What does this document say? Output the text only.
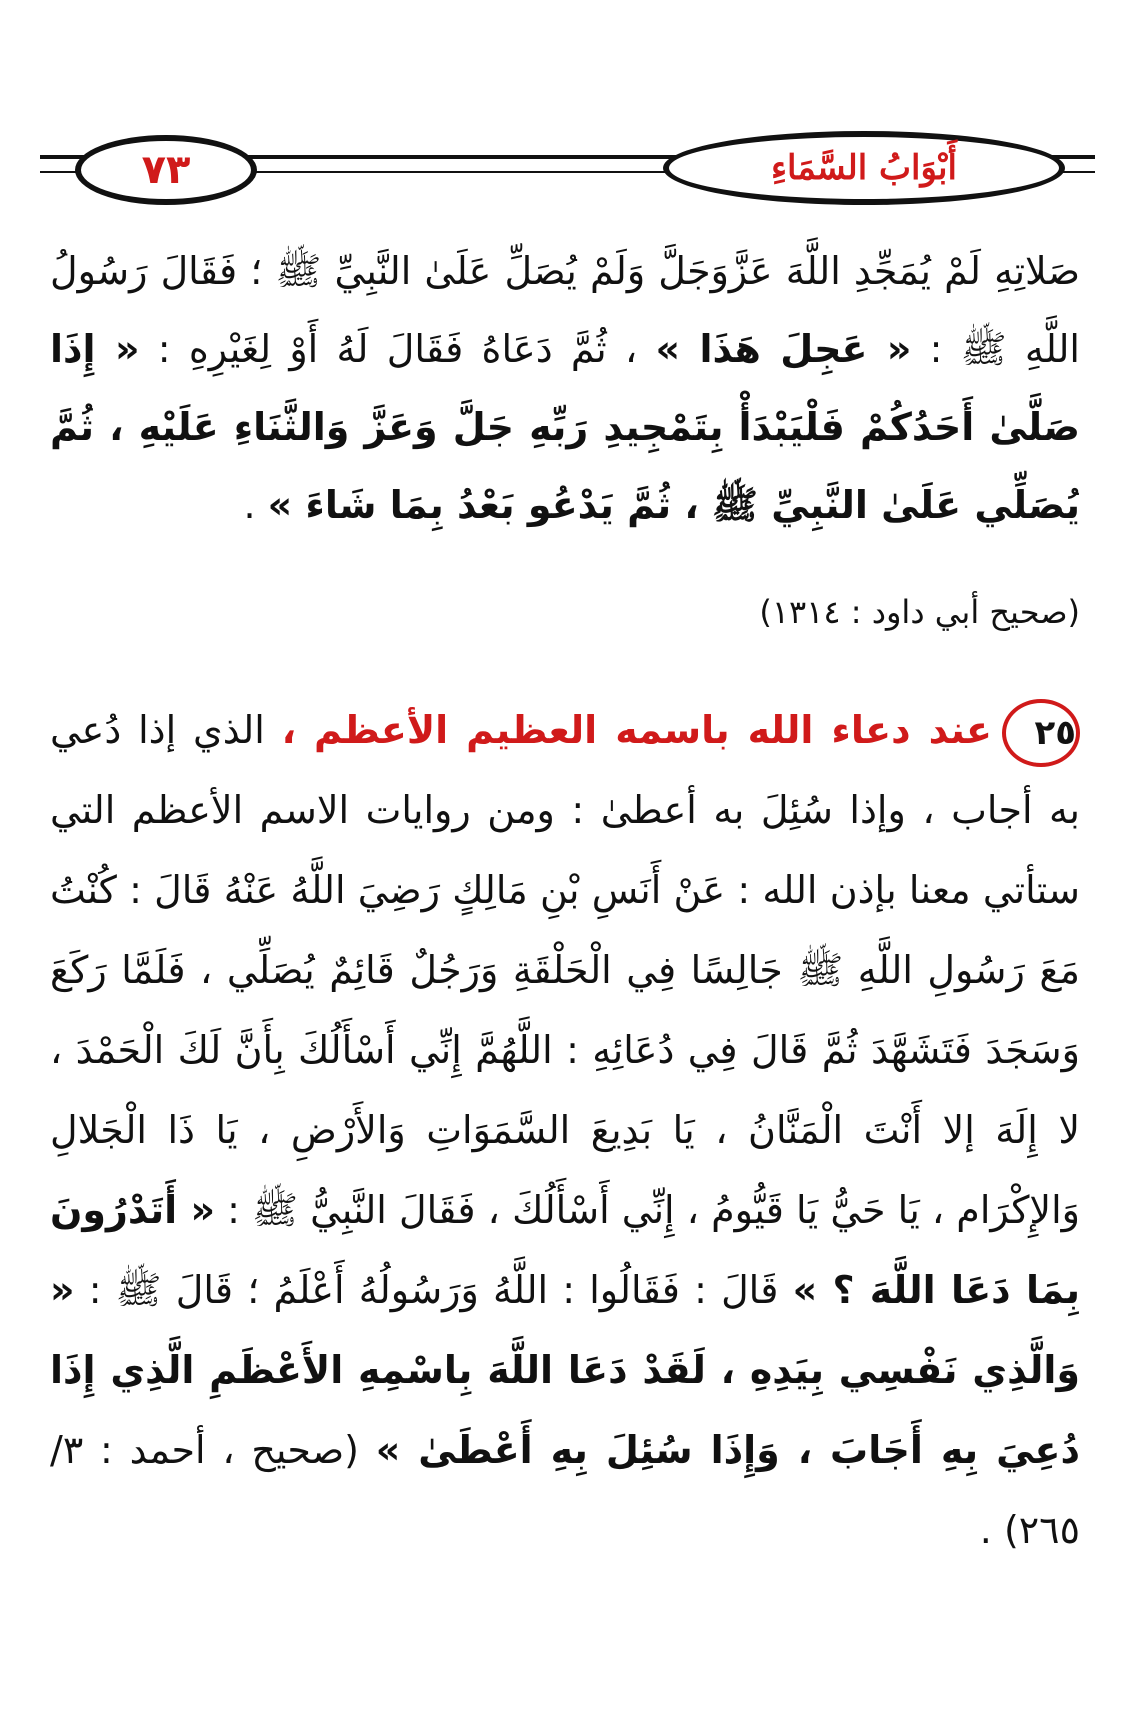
٧٣	أَبْوَابُ السَّمَاءِ
صَلاتِهِ لَمْ يُمَجِّدِ اللَّهَ عَزَّوَجَلَّ وَلَمْ يُصَلِّ عَلَىٰ النَّبِيِّ ﷺ ؛ فَقَالَ رَسُولُ اللَّهِ ﷺ : « عَجِلَ هَذَا » ، ثُمَّ دَعَاهُ فَقَالَ لَهُ أَوْ لِغَيْرِهِ : « إِذَا صَلَّىٰ أَحَدُكُمْ فَلْيَبْدَأْ بِتَمْجِيدِ رَبِّهِ جَلَّ وَعَزَّ وَالثَّنَاءِ عَلَيْهِ ، ثُمَّ يُصَلِّي عَلَىٰ النَّبِيِّ ﷺ ، ثُمَّ يَدْعُو بَعْدُ بِمَا شَاءَ » .
(صحيح أبي داود : ١٣١٤)
٢٥عند دعاء الله باسمه العظيم الأعظم ، الذي إذا دُعي به أجاب ، وإذا سُئِلَ به أعطىٰ : ومن روايات الاسم الأعظم التي ستأتي معنا بإذن الله : عَنْ أَنَسِ بْنِ مَالِكٍ رَضِيَ اللَّهُ عَنْهُ قَالَ : كُنْتُ مَعَ رَسُولِ اللَّهِ ﷺ جَالِسًا فِي الْحَلْقَةِ وَرَجُلٌ قَائِمٌ يُصَلِّي ، فَلَمَّا رَكَعَ وَسَجَدَ فَتَشَهَّدَ ثُمَّ قَالَ فِي دُعَائِهِ : اللَّهُمَّ إِنِّي أَسْأَلُكَ بِأَنَّ لَكَ الْحَمْدَ ، لا إِلَهَ إلا أَنْتَ الْمَنَّانُ ، يَا بَدِيعَ السَّمَوَاتِ وَالأَرْضِ ، يَا ذَا الْجَلالِ وَالإِكْرَام ، يَا حَيُّ يَا قَيُّومُ ، إِنِّي أَسْأَلُكَ ، فَقَالَ النَّبِيُّ ﷺ : « أَتَدْرُونَ بِمَا دَعَا اللَّهَ ؟ » قَالَ : فَقَالُوا : اللَّهُ وَرَسُولُهُ أَعْلَمُ ؛ قَالَ ﷺ : « وَالَّذِي نَفْسِي بِيَدِهِ ، لَقَدْ دَعَا اللَّهَ بِاسْمِهِ الأَعْظَمِ الَّذِي إِذَا دُعِيَ بِهِ أَجَابَ ، وَإِذَا سُئِلَ بِهِ أَعْطَىٰ » (صحيح ، أحمد : ٣/ ٢٦٥) .
